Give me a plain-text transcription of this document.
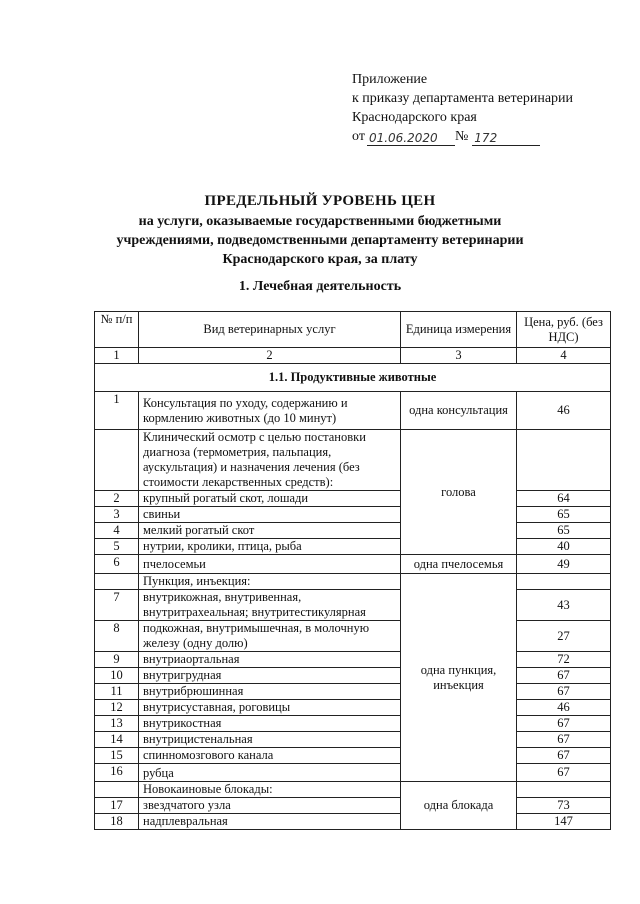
Приложение
к приказу департамента ветеринарии
Краснодарского края
от 01.06.2020	№ 172
ПРЕДЕЛЬНЫЙ УРОВЕНЬ ЦЕН
на услуги, оказываемые государственными бюджетными
учреждениями, подведомственными департаменту ветеринарии
Краснодарского края, за плату
1. Лечебная деятельность
№ п/п	Вид ветеринарных услуг	Единица измерения	Цена, руб. (без НДС)
1	2	3	4
1.1. Продуктивные животные			
1	Консультация по уходу, содержанию и кормлению животных (до 10 минут)	одна консультация	46
	Клинический осмотр с целью постановки диагноза (термометрия, пальпация, аускультация) и назначения лечения (без стоимости лекарственных средств):	голова	
2	крупный рогатый скот, лошади		64
3	свиньи		65
4	мелкий рогатый скот		65
5	нутрии, кролики, птица, рыба		40
6	пчелосемьи	одна пчелосемья	49
	Пункция, инъекция:	одна пункция, инъекция	
7	внутрикожная, внутривенная, внутритрахеальная; внутритестикулярная		43
8	подкожная, внутримышечная, в молочную железу (одну долю)		27
9	внутриаортальная		72
10	внутригрудная		67
11	внутрибрюшинная		67
12	внутрисуставная, роговицы		46
13	внутрикостная		67
14	внутрицистенальная		67
15	спинномозгового канала		67
16	рубца		67
	Новокаиновые блокады:	одна блокада	
17	звездчатого узла		73
18	надплевральная		147
